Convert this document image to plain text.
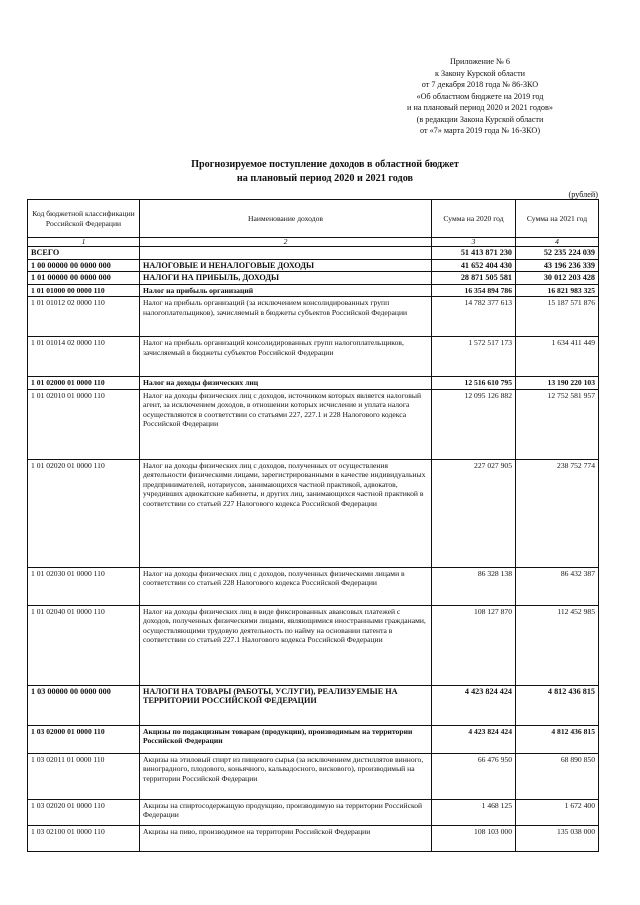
Приложение № 6
к Закону Курской области
от 7 декабря 2018 года № 86-ЗКО
«Об областном бюджете на 2019 год
и на плановый период 2020 и 2021 годов»
(в редакции Закона Курской области
от «7» марта 2019 года № 16-ЗКО)
Прогнозируемое поступление доходов в областной бюджет
на плановый период 2020 и 2021 годов
(рублей)
Код бюджетной классификации Российской Федерации	Наименование доходов	Сумма на 2020 год	Сумма на 2021 год
1	2	3	4
ВСЕГО		51 413 871 230	52 235 224 039
1 00 00000 00 0000 000	НАЛОГОВЫЕ И НЕНАЛОГОВЫЕ ДОХОДЫ	41 652 404 430	43 196 236 339
1 01 00000 00 0000 000	НАЛОГИ НА ПРИБЫЛЬ, ДОХОДЫ	28 871 505 581	30 012 203 428
1 01 01000 00 0000 110	Налог на прибыль организаций	16 354 894 786	16 821 983 325
1 01 01012 02 0000 110	Налог на прибыль организаций (за исключением консолидированных групп налогоплательщиков), зачисляемый в бюджеты субъектов Российской Федерации	14 782 377 613	15 187 571 876
1 01 01014 02 0000 110	Налог на прибыль организаций консолидированных групп налогоплательщиков, зачисляемый в бюджеты субъектов Российской Федерации	1 572 517 173	1 634 411 449
1 01 02000 01 0000 110	Налог на доходы физических лиц	12 516 610 795	13 190 220 103
1 01 02010 01 0000 110	Налог на доходы физических лиц с доходов, источником которых является налоговый агент, за исключением доходов, в отношении которых исчисление и уплата налога осуществляются в соответствии со статьями 227, 227.1 и 228 Налогового кодекса Российской Федерации	12 095 126 882	12 752 581 957
1 01 02020 01 0000 110	Налог на доходы физических лиц с доходов, полученных от осуществления деятельности физическими лицами, зарегистрированными в качестве индивидуальных предпринимателей, нотариусов, занимающихся частной практикой, адвокатов, учредивших адвокатские кабинеты, и других лиц, занимающихся частной практикой в соответствии со статьей 227 Налогового кодекса Российской Федерации	227 027 905	238 752 774
1 01 02030 01 0000 110	Налог на доходы физических лиц с доходов, полученных физическими лицами в соответствии со статьей 228 Налогового кодекса Российской Федерации	86 328 138	86 432 387
1 01 02040 01 0000 110	Налог на доходы физических лиц в виде фиксированных авансовых платежей с доходов, полученных физическими лицами, являющимися иностранными гражданами, осуществляющими трудовую деятельность по найму на основании патента в соответствии со статьей 227.1 Налогового кодекса Российской Федерации	108 127 870	112 452 985
1 03 00000 00 0000 000	НАЛОГИ НА ТОВАРЫ (РАБОТЫ, УСЛУГИ), РЕАЛИЗУЕМЫЕ НА ТЕРРИТОРИИ РОССИЙСКОЙ ФЕДЕРАЦИИ	4 423 824 424	4 812 436 815
1 03 02000 01 0000 110	Акцизы по подакцизным товарам (продукции), производимым на территории Российской Федерации	4 423 824 424	4 812 436 815
1 03 02011 01 0000 110	Акцизы на этиловый спирт из пищевого сырья (за исключением дистиллятов винного, виноградного, плодового, коньячного, кальвадосного, вискового), производимый на территории Российской Федерации	66 476 950	68 890 850
1 03 02020 01 0000 110	Акцизы на спиртосодержащую продукцию, производимую на территории Российской Федерации	1 468 125	1 672 400
1 03 02100 01 0000 110	Акцизы на пиво, производимое на территории Российской Федерации	108 103 000	135 038 000
